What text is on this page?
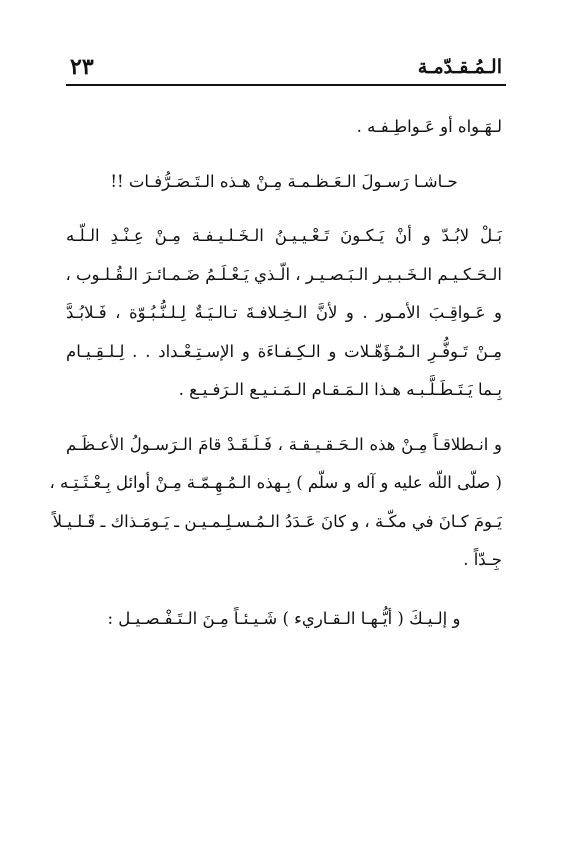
٢٣	الـمُـقـدّمـة

لـهَـواه أو عَـواطِـفـه .

حـاشـا رَسـولَ الـعَـظـمـة مِـنْ هـذه الـتَـصَـرُّفـات !!

بَـلْ لابُـدّ و أنْ يَـكـونَ تَـعْـيـيـنُ الـخَـلـيـفـة مِـنْ عِـنْـدِ الـلّـه
الـحَـكـيـم الـخَـبـيـر الـبَـصـيـر ، الّـذي يَـعْـلَـمُ ضَـمـائـرَ الـقُـلـوب ،
و عَـواقِـبَ الأمـور . و لأنَّ الـخِـلافـةَ تـالـيَـةٌ لِـلـنُّـبُـوّة ، فَـلابُـدَّ
مِـنْ تَـوفُّـرِ الـمُـؤَهّـلات و الـكِـفـاءَة و الإسـتِـعْـداد . . لِـلـقِـيـام
بِـما يَـتَـطَـلَّـبـه هـذا الـمَـقـام الـمَـنـيـع الـرَفـيـع .

و انـطلاقـاً مِـنْ هذه الـحَـقـيـقـة ، فَـلَـقَـدْ قامَ الـرَسـولُ الأعـظَـم
( صلّى اللّه عليه و آله و سلّم ) بِـهذه الـمُـهِـمّـة مِـنْ أوائل بِـعْـثَـتِـه ،
يَـومَ كـانَ في مكّـة ، و كانَ عَـدَدُ الـمُـسـلِـمـيـن ـ يَـومَـذاك ـ قَـلـيـلاً
جِـدّاً .

و إلـيـكَ ( أيُّـهـا الـقـاريء ) شَـيـئـاً مِـنَ الـتَـفْـصـيـل :
